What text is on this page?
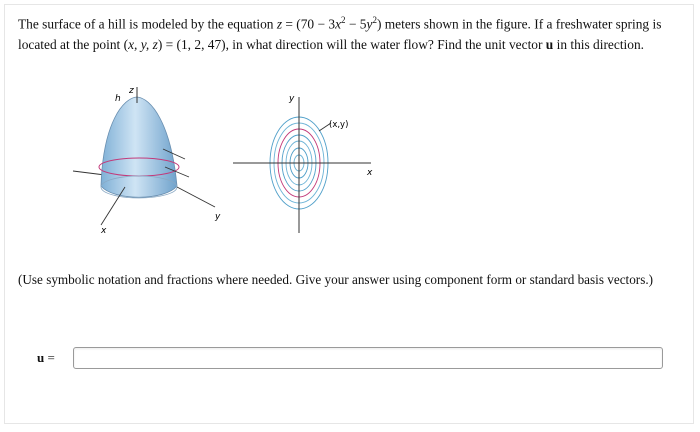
The surface of a hill is modeled by the equation $z = (70 - 3x^2 - 5y^2)$ meters shown in the figure. If a freshwater spring is located at the point (x, y, z) = (1, 2, 47), in what direction will the water flow? Find the unit vector u in this direction.
z
h
x
y
(x,y)
y
x
(Use symbolic notation and fractions where needed. Give your answer using component form or standard basis vectors.)
u =
